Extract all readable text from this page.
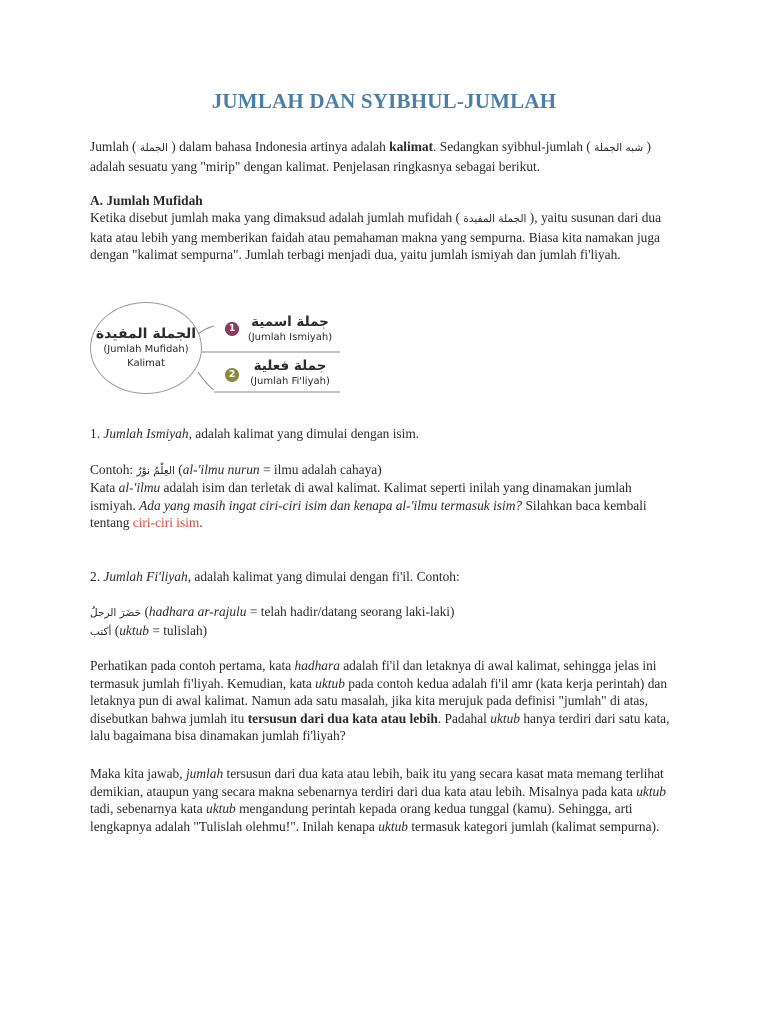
JUMLAH DAN SYIBHUL-JUMLAH

Jumlah ( الجملة ) dalam bahasa Indonesia artinya adalah kalimat. Sedangkan syibhul-jumlah ( شبه الجملة ) adalah sesuatu yang "mirip" dengan kalimat. Penjelasan ringkasnya sebagai berikut.

A. Jumlah Mufidah

Ketika disebut jumlah maka yang dimaksud adalah jumlah mufidah ( الجملة المفيدة ), yaitu susunan dari dua kata atau lebih yang memberikan faidah atau pemahaman makna yang sempurna. Biasa kita namakan juga dengan "kalimat sempurna". Jumlah terbagi menjadi dua, yaitu jumlah ismiyah dan jumlah fi'liyah.

1. Jumlah Ismiyah, adalah kalimat yang dimulai dengan isim.

Contoh: العِلْمُ نوْرٌ (al-'ilmu nurun = ilmu adalah cahaya)

Kata al-'ilmu adalah isim dan terletak di awal kalimat. Kalimat seperti inilah yang dinamakan jumlah ismiyah. Ada yang masih ingat ciri-ciri isim dan kenapa al-'ilmu termasuk isim? Silahkan baca kembali tentang ciri-ciri isim.

2. Jumlah Fi'liyah, adalah kalimat yang dimulai dengan fi'il. Contoh:

حَضَرَ الرجلُ (hadhara ar-rajulu = telah hadir/datang seorang laki-laki)

أكتب (uktub = tulislah)

Perhatikan pada contoh pertama, kata hadhara adalah fi'il dan letaknya di awal kalimat, sehingga jelas ini termasuk jumlah fi'liyah. Kemudian, kata uktub pada contoh kedua adalah fi'il amr (kata kerja perintah) dan letaknya pun di awal kalimat. Namun ada satu masalah, jika kita merujuk pada definisi "jumlah" di atas, disebutkan bahwa jumlah itu tersusun dari dua kata atau lebih. Padahal uktub hanya terdiri dari satu kata, lalu bagaimana bisa dinamakan jumlah fi'liyah?

Maka kita jawab, jumlah tersusun dari dua kata atau lebih, baik itu yang secara kasat mata memang terlihat demikian, ataupun yang secara makna sebenarnya terdiri dari dua kata atau lebih. Misalnya pada kata uktub tadi, sebenarnya kata uktub mengandung perintah kepada orang kedua tunggal (kamu). Sehingga, arti lengkapnya adalah "Tulislah olehmu!". Inilah kenapa uktub termasuk kategori jumlah (kalimat sempurna).

الجملة المفيدة
(Jumlah Mufidah)
Kalimat
1	جملة اسمية
(Jumlah Ismiyah)
2
جملة فعلية
(Jumlah Fi'liyah)
